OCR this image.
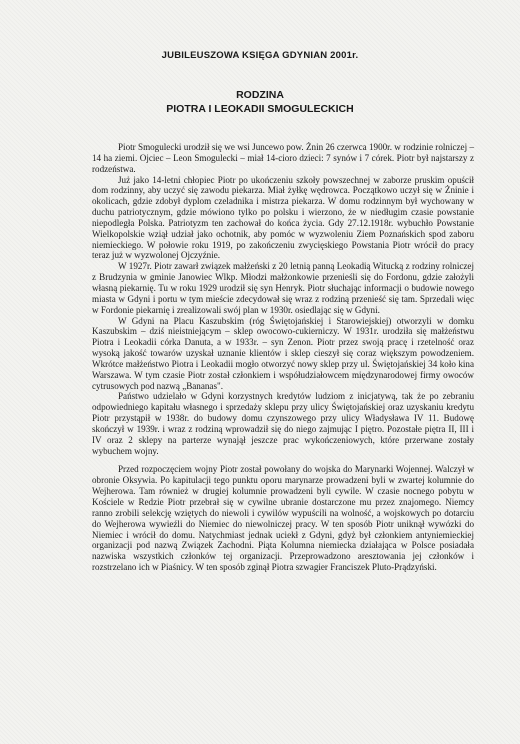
JUBILEUSZOWA KSIĘGA GDYNIAN 2001r.
RODZINA
PIOTRA I LEOKADII SMOGULECKICH

Piotr Smogulecki urodził się we wsi Juncewo pow. Żnin 26 czerwca 1900r. w rodzinie rolniczej – 14 ha ziemi. Ojciec – Leon Smogulecki – miał 14-cioro dzieci: 7 synów i 7 córek. Piotr był najstarszy z rodzeństwa.

Już jako 14-letni chłopiec Piotr po ukończeniu szkoły powszechnej w zaborze pruskim opuścił dom rodzinny, aby uczyć się zawodu piekarza. Miał żyłkę wędrowca. Początkowo uczył się w Żninie i okolicach, gdzie zdobył dyplom czeladnika i mistrza piekarza. W domu rodzinnym był wychowany w duchu patriotycznym, gdzie mówiono tylko po polsku i wierzono, że w niedługim czasie powstanie niepodległa Polska. Patriotyzm ten zachował do końca życia. Gdy 27.12.1918r. wybuchło Powstanie Wielkopolskie wziął udział jako ochotnik, aby pomóc w wyzwoleniu Ziem Poznańskich spod zaboru niemieckiego. W połowie roku 1919, po zakończeniu zwycięskiego Powstania Piotr wrócił do pracy teraz już w wyzwolonej Ojczyźnie.

W 1927r. Piotr zawarł związek małżeński z 20 letnią panną Leokadią Witucką z rodziny rolniczej z Brudzynia w gminie Janowiec Wlkp. Młodzi małżonkowie przenieśli się do Fordonu, gdzie założyli własną piekarnię. Tu w roku 1929 urodził się syn Henryk. Piotr słuchając informacji o budowie nowego miasta w Gdyni i portu w tym mieście zdecydował się wraz z rodziną przenieść się tam. Sprzedali więc w Fordonie piekarnię i zrealizowali swój plan w 1930r. osiedlając się w Gdyni.

W Gdyni na Placu Kaszubskim (róg Świętojańskiej i Starowiejskiej) otworzyli w domku Kaszubskim – dziś nieistniejącym – sklep owocowo-cukierniczy. W 1931r. urodziła się małżeństwu Piotra i Leokadii córka Danuta, a w 1933r. – syn Zenon. Piotr przez swoją pracę i rzetelność oraz wysoką jakość towarów uzyskał uznanie klientów i sklep cieszył się coraz większym powodzeniem. Wkrótce małżeństwo Piotra i Leokadii mogło otworzyć nowy sklep przy ul. Świętojańskiej 34 koło kina Warszawa. W tym czasie Piotr został członkiem i współudziałowcem międzynarodowej firmy owoców cytrusowych pod nazwą „Bananas".

Państwo udzielało w Gdyni korzystnych kredytów ludziom z inicjatywą, tak że po zebraniu odpowiedniego kapitału własnego i sprzedaży sklepu przy ulicy Świętojańskiej oraz uzyskaniu kredytu Piotr przystąpił w 1938r. do budowy domu czynszowego przy ulicy Władysława IV 11. Budowę skończył w 1939r. i wraz z rodziną wprowadził się do niego zajmując I piętro. Pozostałe piętra II, III i IV oraz 2 sklepy na parterze wynajął jeszcze prac wykończeniowych, które przerwane zostały wybuchem wojny.

Przed rozpoczęciem wojny Piotr został powołany do wojska do Marynarki Wojennej. Walczył w obronie Oksywia. Po kapitulacji tego punktu oporu marynarze prowadzeni byli w zwartej kolumnie do Wejherowa. Tam również w drugiej kolumnie prowadzeni byli cywile. W czasie nocnego pobytu w Kościele w Redzie Piotr przebrał się w cywilne ubranie dostarczone mu przez znajomego. Niemcy ranno zrobili selekcję wziętych do niewoli i cywilów wypuścili na wolność, a wojskowych po dotarciu do Wejherowa wywieźli do Niemiec do niewolniczej pracy. W ten sposób Piotr uniknął wywózki do Niemiec i wrócił do domu. Natychmiast jednak uciekł z Gdyni, gdyż był członkiem antyniemieckiej organizacji pod nazwą Związek Zachodni. Piąta Kolumna niemiecka działająca w Polsce posiadała nazwiska wszystkich członków tej organizacji. Przeprowadzono aresztowania jej członków i rozstrzelano ich w Piaśnicy. W ten sposób zginął Piotra szwagier Franciszek Pluto-Prądzyński.
